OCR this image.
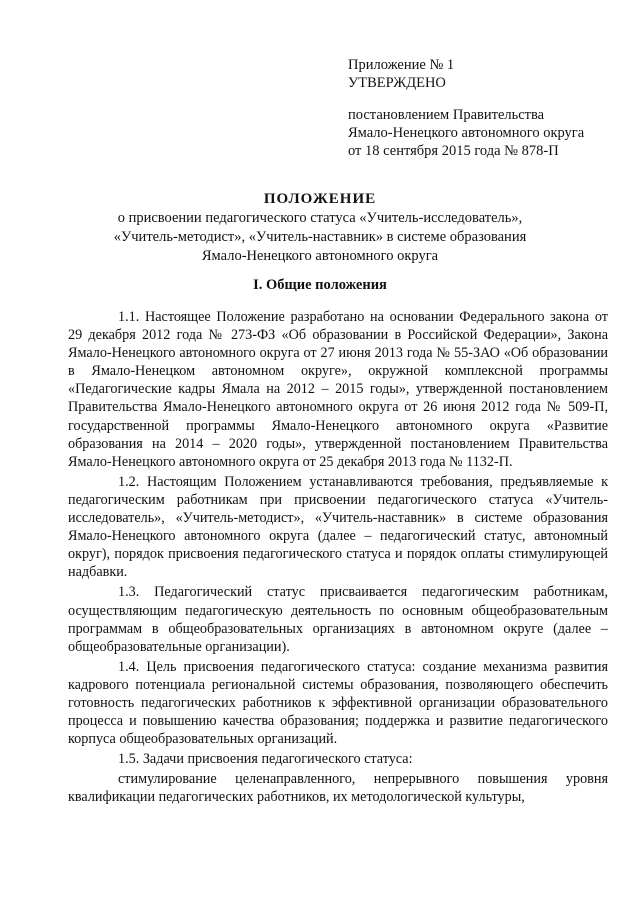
Приложение № 1
УТВЕРЖДЕНО
постановлением Правительства
Ямало-Ненецкого автономного округа
от 18 сентября 2015 года № 878-П
ПОЛОЖЕНИЕ
о присвоении педагогического статуса «Учитель-исследователь»,
«Учитель-методист», «Учитель-наставник» в системе образования
Ямало-Ненецкого автономного округа
I. Общие положения

1.1. Настоящее Положение разработано на основании Федерального закона от 29 декабря 2012 года № 273-ФЗ «Об образовании в Российской Федерации», Закона Ямало-Ненецкого автономного округа от 27 июня 2013 года № 55-ЗАО «Об образовании в Ямало-Ненецком автономном округе», окружной комплексной программы «Педагогические кадры Ямала на 2012 – 2015 годы», утвержденной постановлением Правительства Ямало-Ненецкого автономного округа от 26 июня 2012 года № 509-П, государственной программы Ямало-Ненецкого автономного округа «Развитие образования на 2014 – 2020 годы», утвержденной постановлением Правительства Ямало-Ненецкого автономного округа от 25 декабря 2013 года № 1132-П.

1.2. Настоящим Положением устанавливаются требования, предъявляемые к педагогическим работникам при присвоении педагогического статуса «Учитель-исследователь», «Учитель-методист», «Учитель-наставник» в системе образования Ямало-Ненецкого автономного округа (далее – педагогический статус, автономный округ), порядок присвоения педагогического статуса и порядок оплаты стимулирующей надбавки.

1.3. Педагогический статус присваивается педагогическим работникам, осуществляющим педагогическую деятельность по основным общеобразовательным программам в общеобразовательных организациях в автономном округе (далее – общеобразовательные организации).

1.4. Цель присвоения педагогического статуса: создание механизма развития кадрового потенциала региональной системы образования, позволяющего обеспечить готовность педагогических работников к эффективной организации образовательного процесса и повышению качества образования; поддержка и развитие педагогического корпуса общеобразовательных организаций.

1.5. Задачи присвоения педагогического статуса:

стимулирование целенаправленного, непрерывного повышения уровня квалификации педагогических работников, их методологической культуры,
